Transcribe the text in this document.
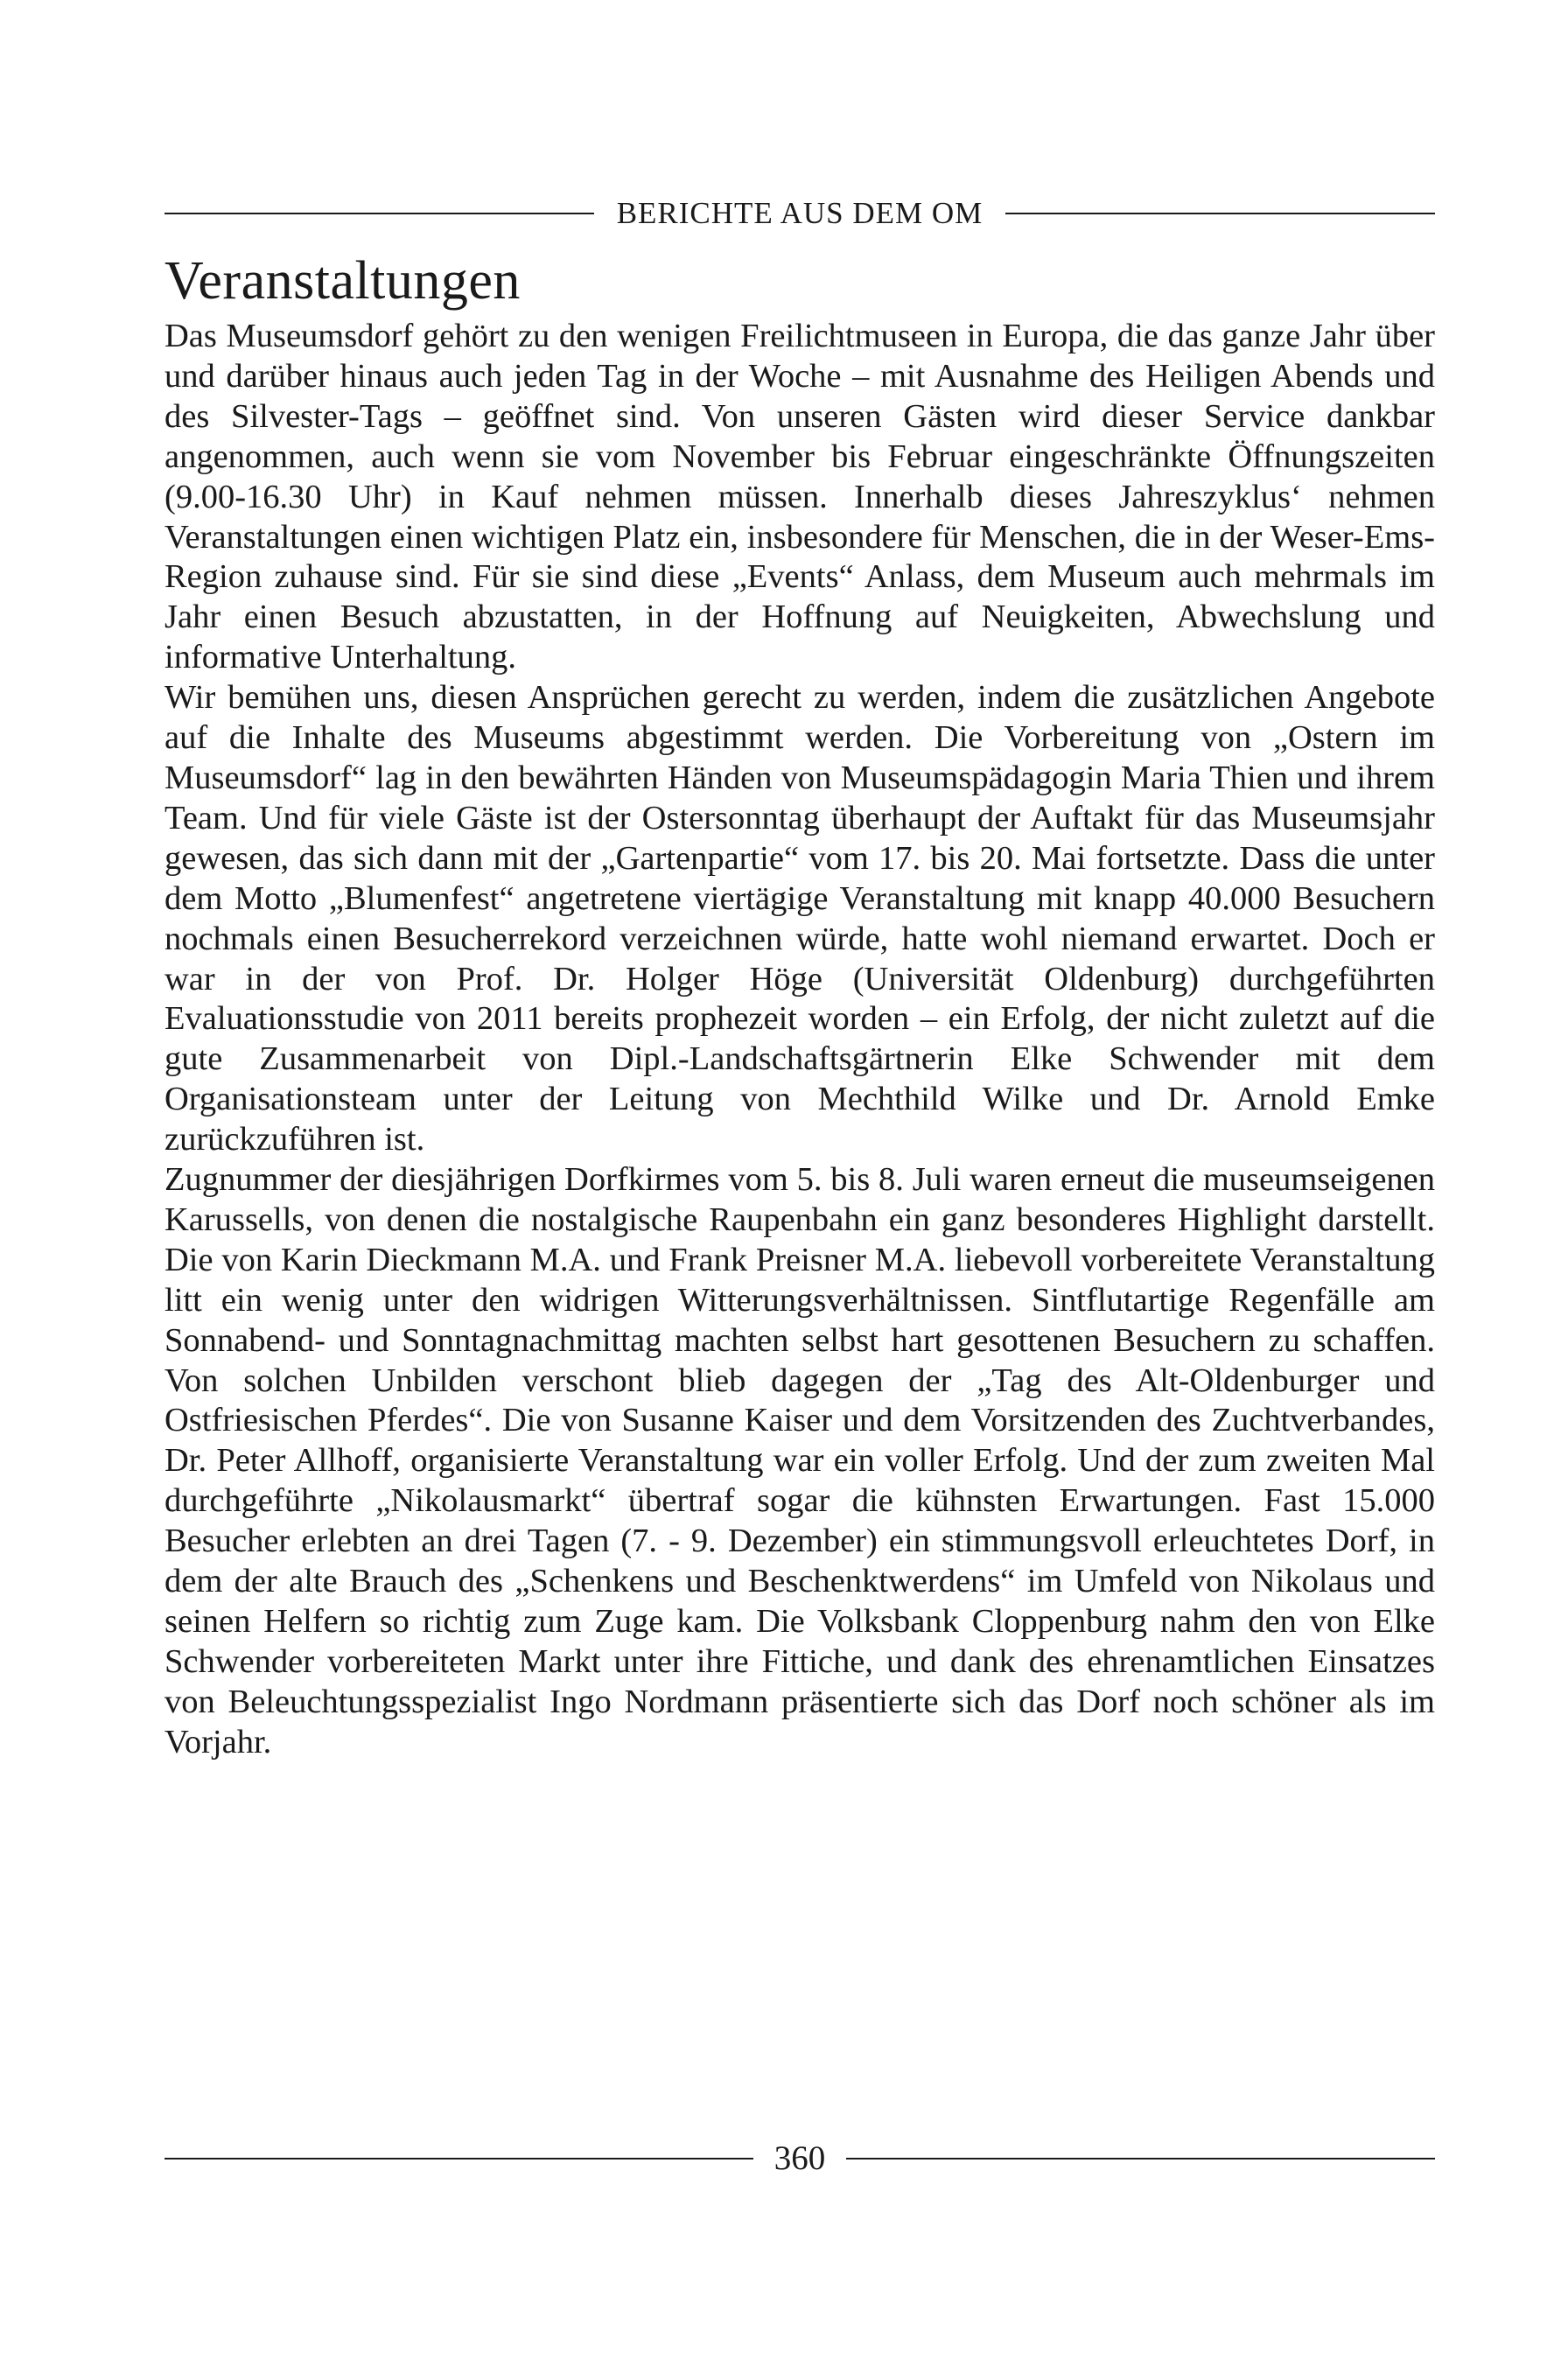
BERICHTE AUS DEM OM
Veranstaltungen

Das Museumsdorf gehört zu den wenigen Freilichtmuseen in Europa, die das ganze Jahr über und darüber hinaus auch jeden Tag in der Woche – mit Ausnahme des Heiligen Abends und des Silvester-Tags – geöffnet sind. Von unseren Gästen wird dieser Service dankbar angenommen, auch wenn sie vom November bis Februar eingeschränkte Öffnungszeiten (9.00-16.30 Uhr) in Kauf nehmen müssen. Innerhalb dieses Jahreszyklus‘ nehmen Veranstaltungen einen wichtigen Platz ein, insbesondere für Menschen, die in der Weser-Ems-Region zuhause sind. Für sie sind diese „Events“ Anlass, dem Museum auch mehrmals im Jahr einen Besuch abzustatten, in der Hoffnung auf Neuigkeiten, Abwechslung und informative Unterhaltung.

Wir bemühen uns, diesen Ansprüchen gerecht zu werden, indem die zusätzlichen Angebote auf die Inhalte des Museums abgestimmt werden. Die Vorbereitung von „Ostern im Museumsdorf“ lag in den bewährten Händen von Museumspädagogin Maria Thien und ihrem Team. Und für viele Gäste ist der Ostersonntag überhaupt der Auftakt für das Museumsjahr gewesen, das sich dann mit der „Gartenpartie“ vom 17. bis 20. Mai fortsetzte. Dass die unter dem Motto „Blumenfest“ angetretene viertägige Veranstaltung mit knapp 40.000 Besuchern nochmals einen Besucherrekord verzeichnen würde, hatte wohl niemand erwartet. Doch er war in der von Prof. Dr. Holger Höge (Universität Oldenburg) durchgeführten Evaluationsstudie von 2011 bereits prophezeit worden – ein Erfolg, der nicht zuletzt auf die gute Zusammenarbeit von Dipl.-Landschaftsgärtnerin Elke Schwender mit dem Organisationsteam unter der Leitung von Mechthild Wilke und Dr. Arnold Emke zurückzuführen ist.

Zugnummer der diesjährigen Dorfkirmes vom 5. bis 8. Juli waren erneut die museumseigenen Karussells, von denen die nostalgische Raupenbahn ein ganz besonderes Highlight darstellt. Die von Karin Dieckmann M.A. und Frank Preisner M.A. liebevoll vorbereitete Veranstaltung litt ein wenig unter den widrigen Witterungsverhältnissen. Sintflutartige Regenfälle am Sonnabend- und Sonntagnachmittag machten selbst hart gesottenen Besuchern zu schaffen. Von solchen Unbilden verschont blieb dagegen der „Tag des Alt-Oldenburger und Ostfriesischen Pferdes“. Die von Susanne Kaiser und dem Vorsitzenden des Zuchtverbandes, Dr. Peter Allhoff, organisierte Veranstaltung war ein voller Erfolg. Und der zum zweiten Mal durchgeführte „Nikolausmarkt“ übertraf sogar die kühnsten Erwartungen. Fast 15.000 Besucher erlebten an drei Tagen (7. - 9. Dezember) ein stimmungsvoll erleuchtetes Dorf, in dem der alte Brauch des „Schenkens und Beschenktwerdens“ im Umfeld von Nikolaus und seinen Helfern so richtig zum Zuge kam. Die Volksbank Cloppenburg nahm den von Elke Schwender vorbereiteten Markt unter ihre Fittiche, und dank des ehrenamtlichen Einsatzes von Beleuchtungsspezialist Ingo Nordmann präsentierte sich das Dorf noch schöner als im Vorjahr.

360
